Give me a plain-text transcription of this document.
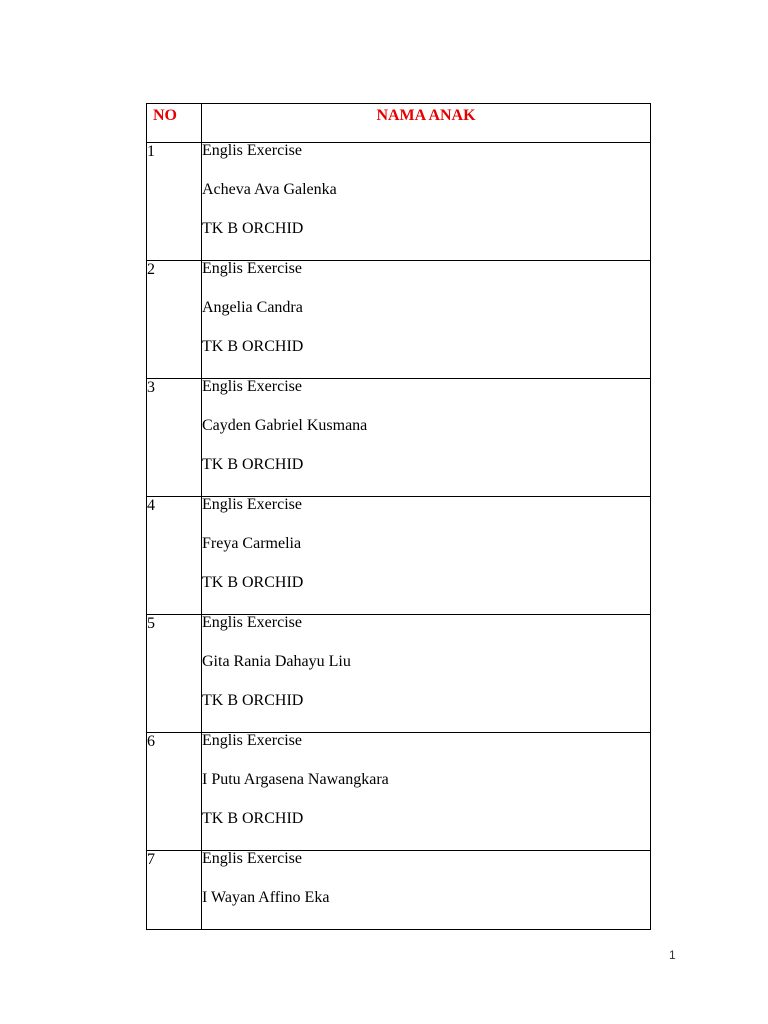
NO	NAMA ANAK
1	Englis Exercise
Acheva Ava Galenka
TK B ORCHID

2	Englis Exercise
Angelia Candra
TK B ORCHID

3	Englis Exercise
Cayden Gabriel Kusmana
TK B ORCHID

4	Englis Exercise
Freya Carmelia
TK B ORCHID

5	Englis Exercise
Gita Rania Dahayu Liu
TK B ORCHID

6	Englis Exercise
I Putu Argasena Nawangkara
TK B ORCHID

7	Englis Exercise
I Wayan Affino Eka
1
